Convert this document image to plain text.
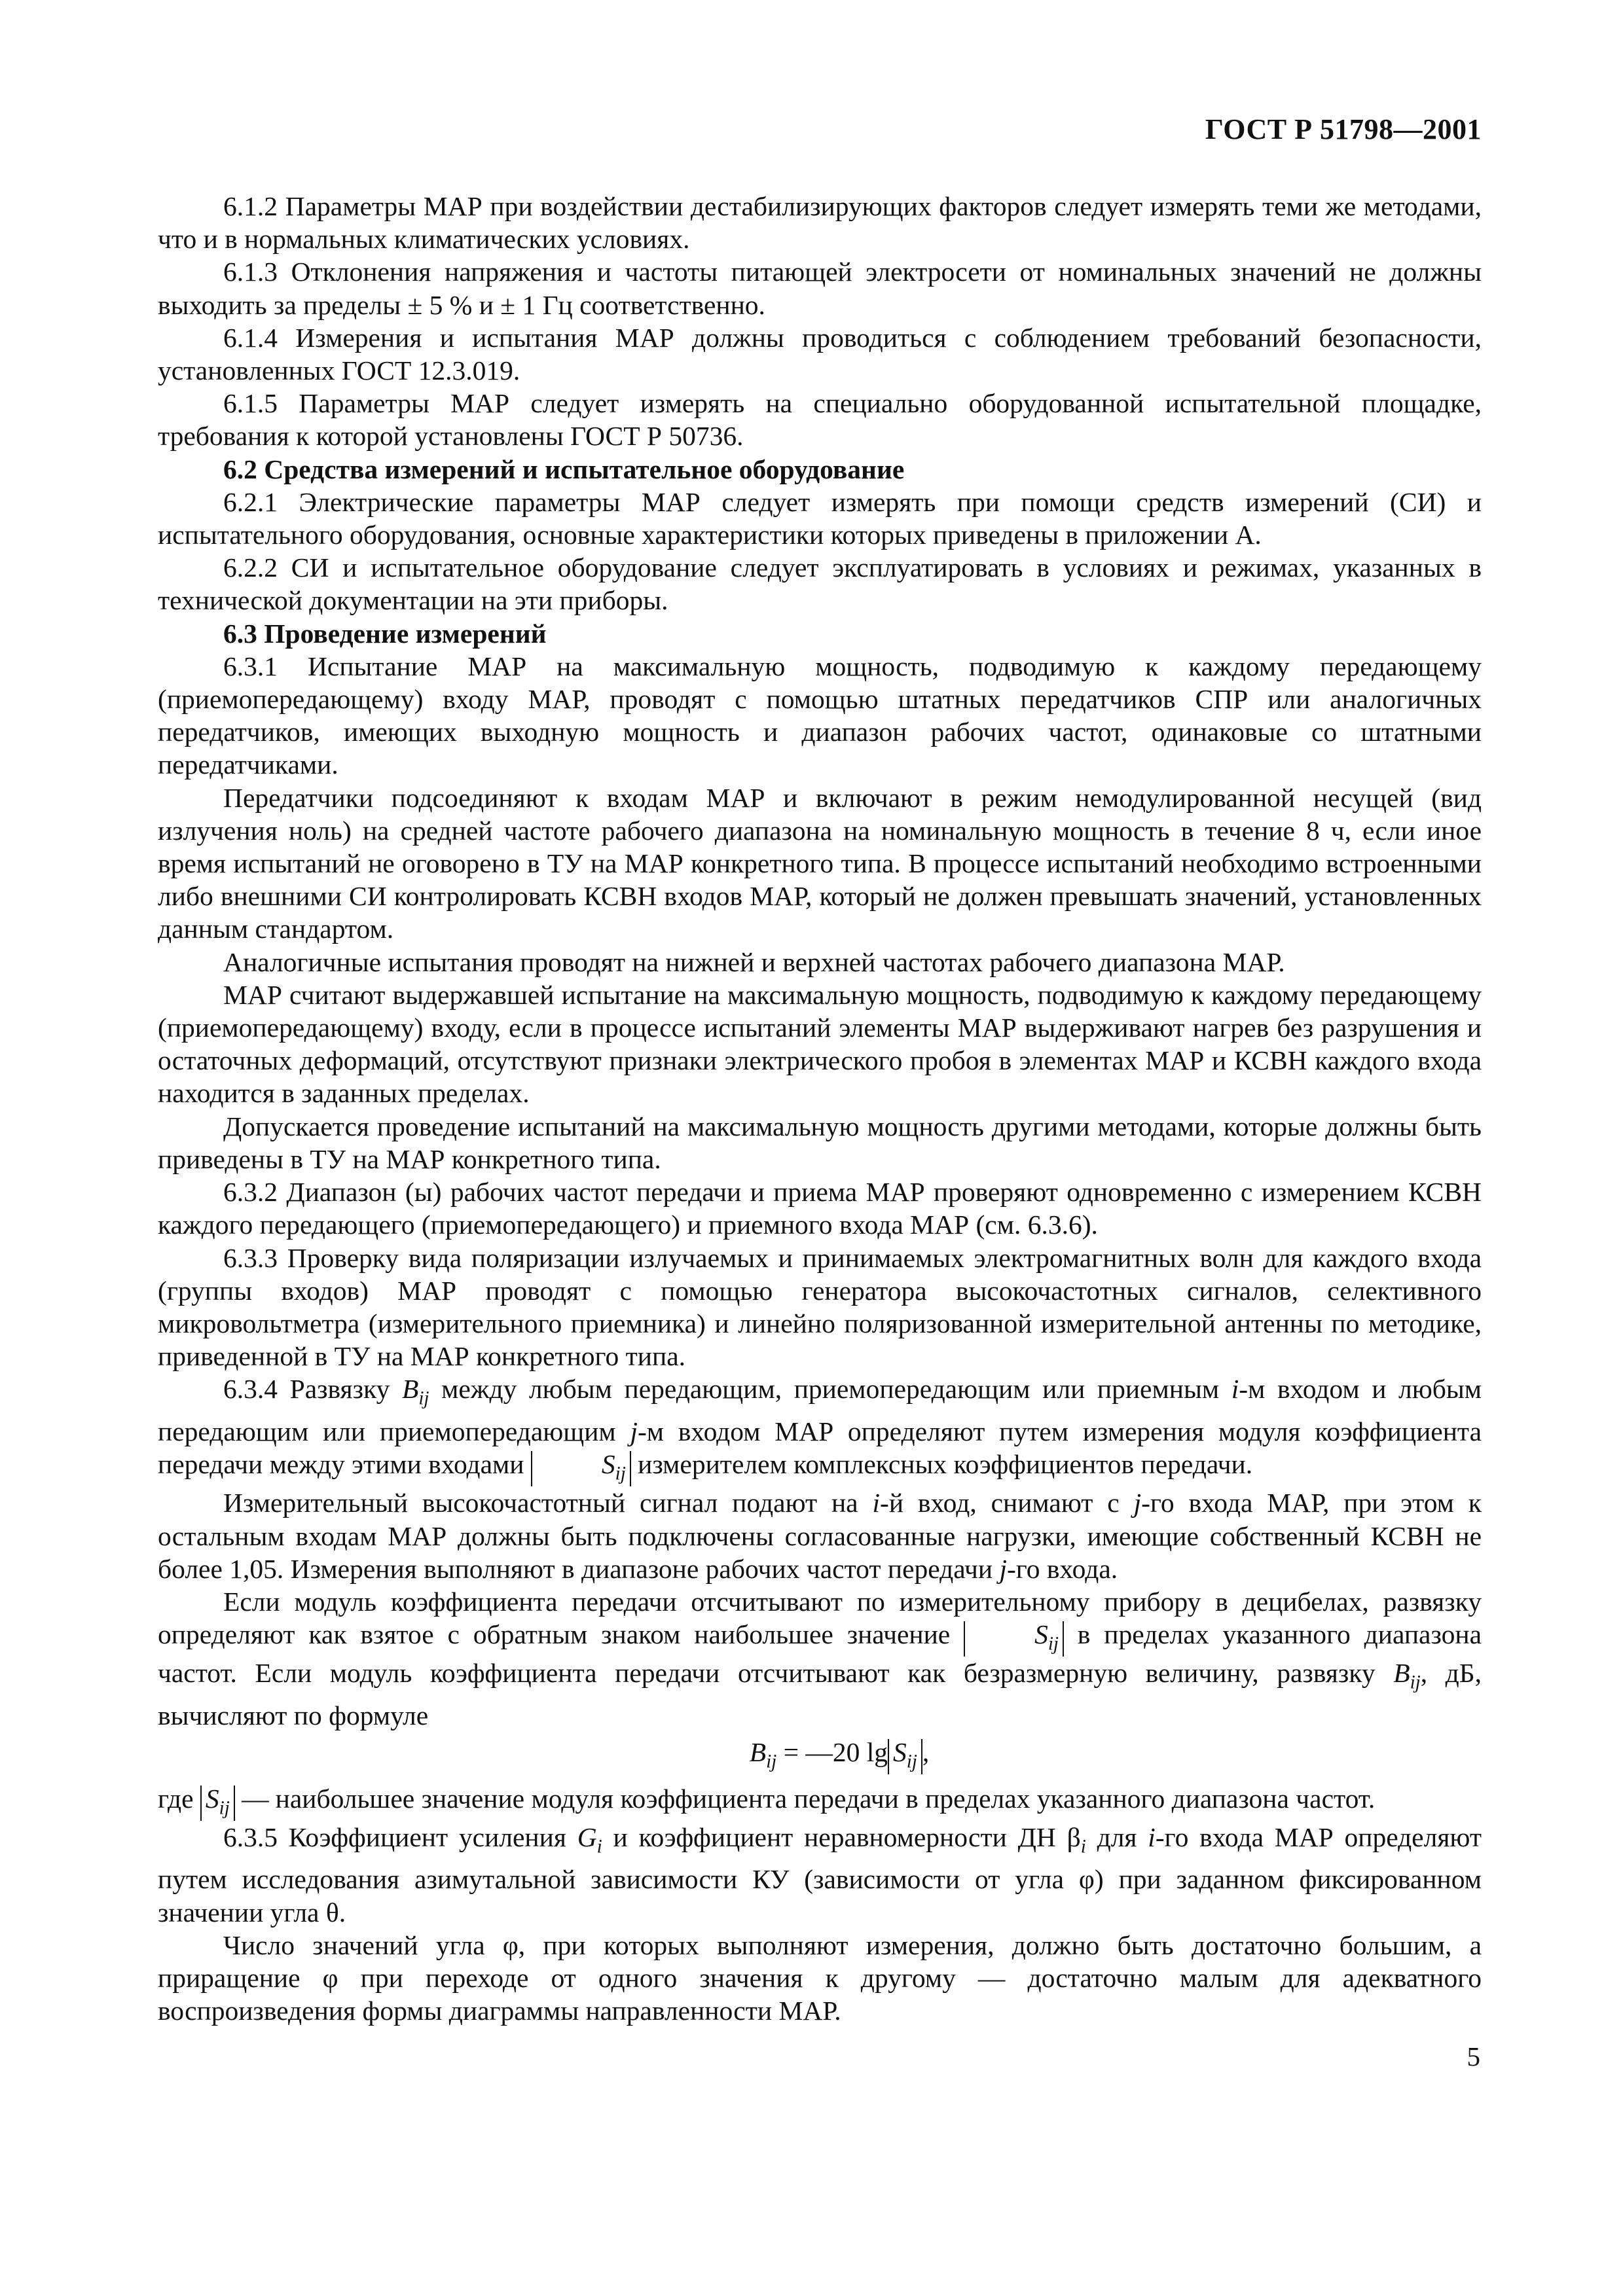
ГОСТ Р 51798—2001

6.1.2 Параметры МАР при воздействии дестабилизирующих факторов следует измерять теми же методами, что и в нормальных климатических условиях.

6.1.3 Отклонения напряжения и частоты питающей электросети от номинальных значений не должны выходить за пределы ± 5 % и ± 1 Гц соответственно.

6.1.4 Измерения и испытания МАР должны проводиться с соблюдением требований безопасности, установленных ГОСТ 12.3.019.

6.1.5 Параметры МАР следует измерять на специально оборудованной испытательной площадке, требования к которой установлены ГОСТ Р 50736.

6.2 Средства измерений и испытательное оборудование

6.2.1 Электрические параметры МАР следует измерять при помощи средств измерений (СИ) и испытательного оборудования, основные характеристики которых приведены в приложении А.

6.2.2 СИ и испытательное оборудование следует эксплуатировать в условиях и режимах, указанных в технической документации на эти приборы.

6.3 Проведение измерений

6.3.1 Испытание МАР на максимальную мощность, подводимую к каждому передающему (приемопередающему) входу МАР, проводят с помощью штатных передатчиков СПР или аналогичных передатчиков, имеющих выходную мощность и диапазон рабочих частот, одинаковые со штатными передатчиками.

Передатчики подсоединяют к входам МАР и включают в режим немодулированной несущей (вид излучения ноль) на средней частоте рабочего диапазона на номинальную мощность в течение 8 ч, если иное время испытаний не оговорено в ТУ на МАР конкретного типа. В процессе испытаний необходимо встроенными либо внешними СИ контролировать КСВН входов МАР, который не должен превышать значений, установленных данным стандартом.

Аналогичные испытания проводят на нижней и верхней частотах рабочего диапазона МАР.

МАР считают выдержавшей испытание на максимальную мощность, подводимую к каждому передающему (приемопередающему) входу, если в процессе испытаний элементы МАР выдерживают нагрев без разрушения и остаточных деформаций, отсутствуют признаки электрического пробоя в элементах МАР и КСВН каждого входа находится в заданных пределах.

Допускается проведение испытаний на максимальную мощность другими методами, которые должны быть приведены в ТУ на МАР конкретного типа.

6.3.2 Диапазон (ы) рабочих частот передачи и приема МАР проверяют одновременно с измерением КСВН каждого передающего (приемопередающего) и приемного входа МАР (см. 6.3.6).

6.3.3 Проверку вида поляризации излучаемых и принимаемых электромагнитных волн для каждого входа (группы входов) МАР проводят с помощью генератора высокочастотных сигналов, селективного микровольтметра (измерительного приемника) и линейно поляризованной измерительной антенны по методике, приведенной в ТУ на МАР конкретного типа.

6.3.4 Развязку $B_{ij}$ между любым передающим, приемопередающим или приемным i-м входом и любым передающим или приемопередающим j-м входом МАР определяют путем измерения модуля коэффициента передачи между этими входами	$S_{ij}$ измерителем комплексных коэффициентов передачи.

Измерительный высокочастотный сигнал подают на i-й вход, снимают с j-го входа МАР, при этом к остальным входам МАР должны быть подключены согласованные нагрузки, имеющие собственный КСВН не более 1,05. Измерения выполняют в диапазоне рабочих частот передачи j-го входа.

Если модуль коэффициента передачи отсчитывают по измерительному прибору в децибелах, развязку определяют как взятое с обратным знаком наибольшее значение	$S_{ij}$ в пределах указанного диапазона частот. Если модуль коэффициента передачи отсчитывают как безразмерную величину, развязку $B_{ij}$, дБ, вычисляют по формуле

$B_{ij}$ = —20 $\lg S_{ij}$ ,

где $S_{ij}$ — наибольшее значение модуля коэффициента передачи в пределах указанного диапазона частот.

6.3.5 Коэффициент усиления $G_i$ и коэффициент неравномерности ДН $\beta_i$ для i-го входа МАР определяют путем исследования азимутальной зависимости КУ (зависимости от угла φ) при заданном фиксированном значении угла θ.

Число значений угла φ, при которых выполняют измерения, должно быть достаточно большим, а приращение φ при переходе от одного значения к другому — достаточно малым для адекватного воспроизведения формы диаграммы направленности МАР.

5
